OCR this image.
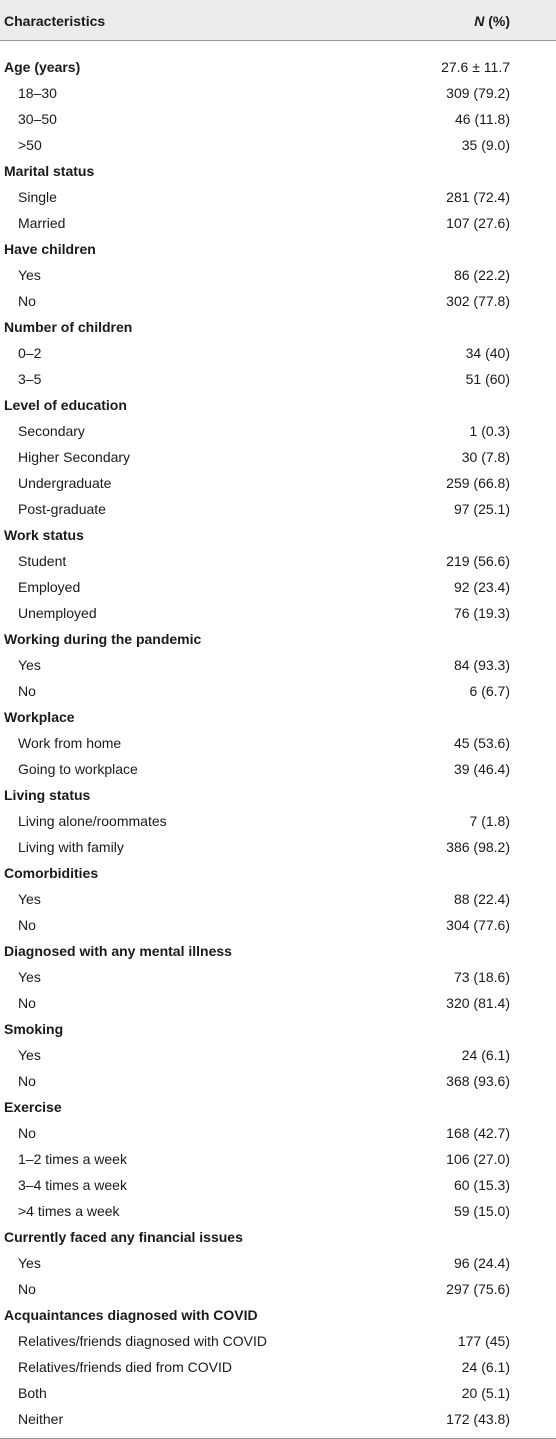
Characteristics	N (%)
Age (years)	27.6 ± 11.7
18–30	309 (79.2)
30–50	46 (11.8)
>50	35 (9.0)
Marital status
Single	281 (72.4)
Married	107 (27.6)
Have children
Yes	86 (22.2)
No	302 (77.8)
Number of children
0–2	34 (40)
3–5	51 (60)
Level of education
Secondary	1 (0.3)
Higher Secondary	30 (7.8)
Undergraduate	259 (66.8)
Post-graduate	97 (25.1)
Work status
Student	219 (56.6)
Employed	92 (23.4)
Unemployed	76 (19.3)
Working during the pandemic
Yes	84 (93.3)
No	6 (6.7)
Workplace
Work from home	45 (53.6)
Going to workplace	39 (46.4)
Living status
Living alone/roommates	7 (1.8)
Living with family	386 (98.2)
Comorbidities
Yes	88 (22.4)
No	304 (77.6)
Diagnosed with any mental illness
Yes	73 (18.6)
No	320 (81.4)
Smoking
Yes	24 (6.1)
No	368 (93.6)
Exercise
No	168 (42.7)
1–2 times a week	106 (27.0)
3–4 times a week	60 (15.3)
>4 times a week	59 (15.0)
Currently faced any financial issues
Yes	96 (24.4)
No	297 (75.6)
Acquaintances diagnosed with COVID
Relatives/friends diagnosed with COVID	177 (45)
Relatives/friends died from COVID	24 (6.1)
Both	20 (5.1)
Neither	172 (43.8)
